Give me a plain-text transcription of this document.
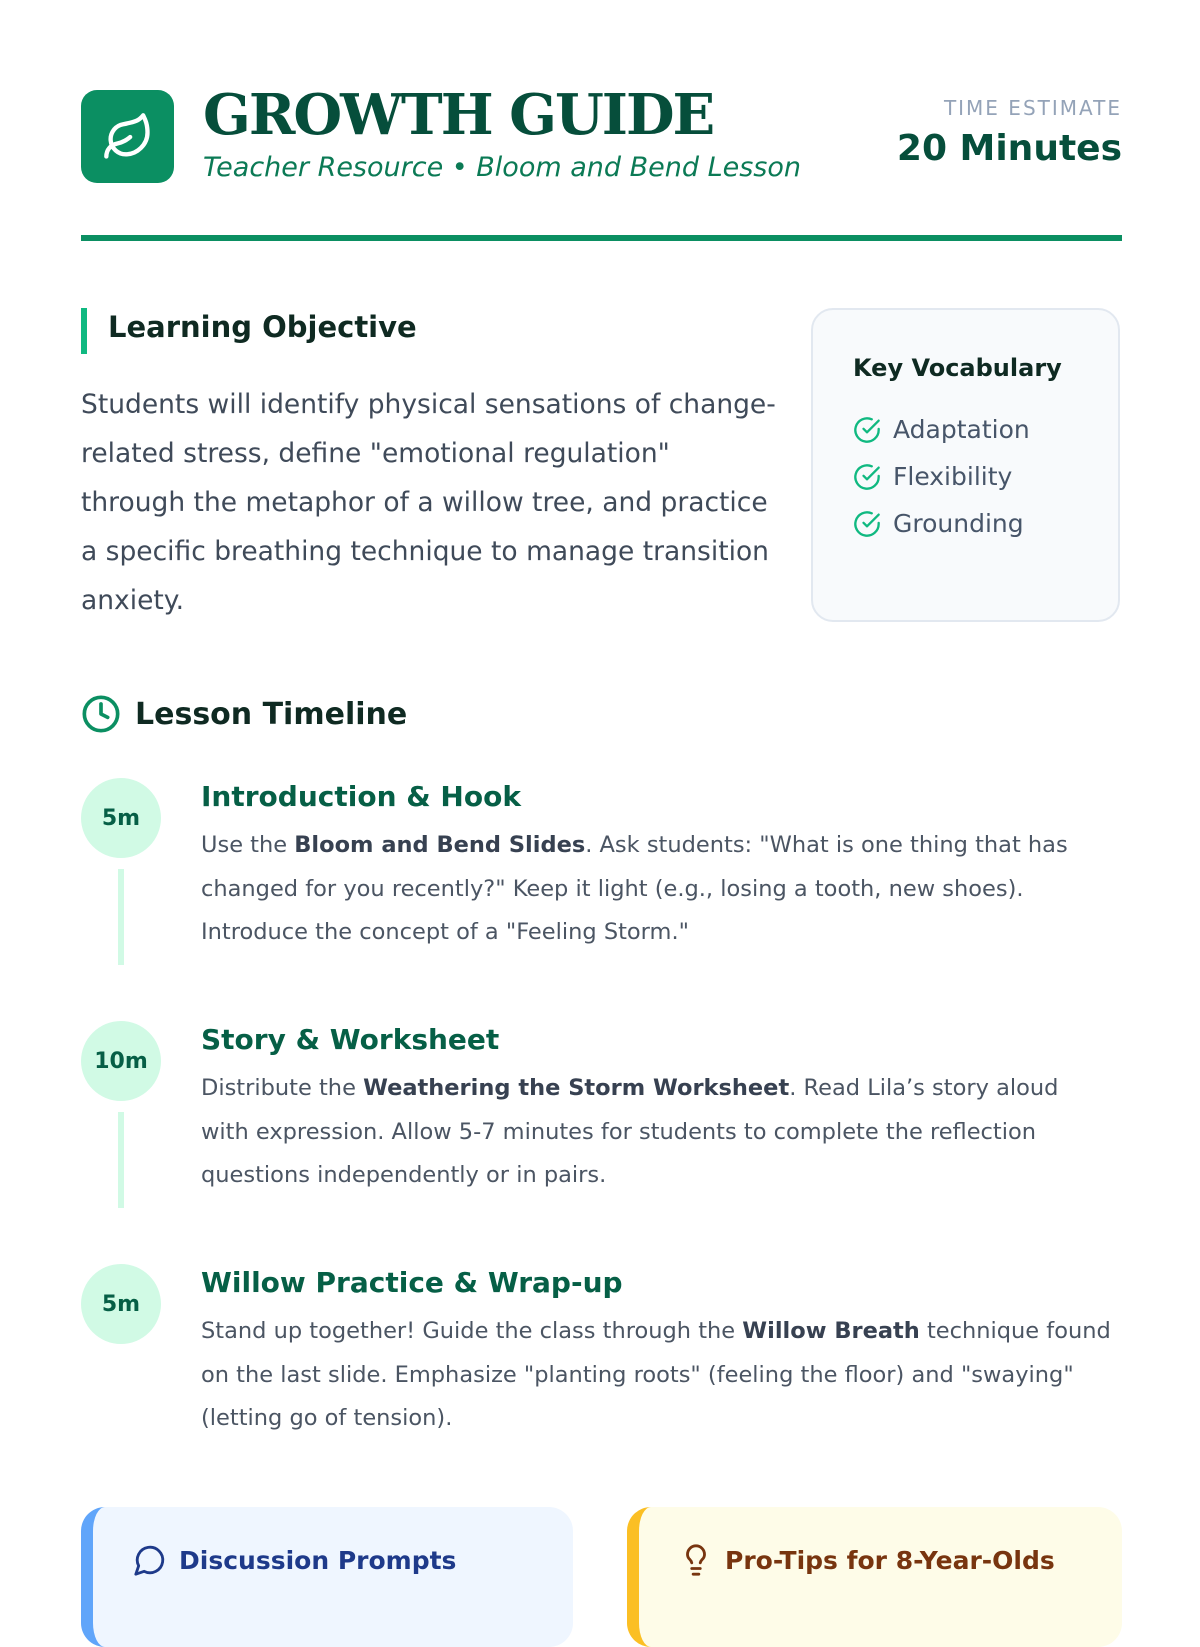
GROWTH GUIDE
Teacher Resource • Bloom and Bend Lesson
TIME ESTIMATE
20 Minutes
Learning Objective
Students will identify physical sensations of change-related stress, define "emotional regulation" through the metaphor of a willow tree, and practice a specific breathing technique to manage transition anxiety.
Key Vocabulary
Adaptation
Flexibility
Grounding
Lesson Timeline
5m
Introduction & Hook
Use the Bloom and Bend Slides. Ask students: "What is one thing that has changed for you recently?" Keep it light (e.g., losing a tooth, new shoes). Introduce the concept of a "Feeling Storm."
10m
Story & Worksheet
Distribute the Weathering the Storm Worksheet. Read Lila’s story aloud with expression. Allow 5-7 minutes for students to complete the reflection questions independently or in pairs.
5m
Willow Practice & Wrap-up
Stand up together! Guide the class through the Willow Breath technique found on the last slide. Emphasize "planting roots" (feeling the floor) and "swaying" (letting go of tension).
Discussion Prompts	Pro-Tips for 8-Year-Olds
